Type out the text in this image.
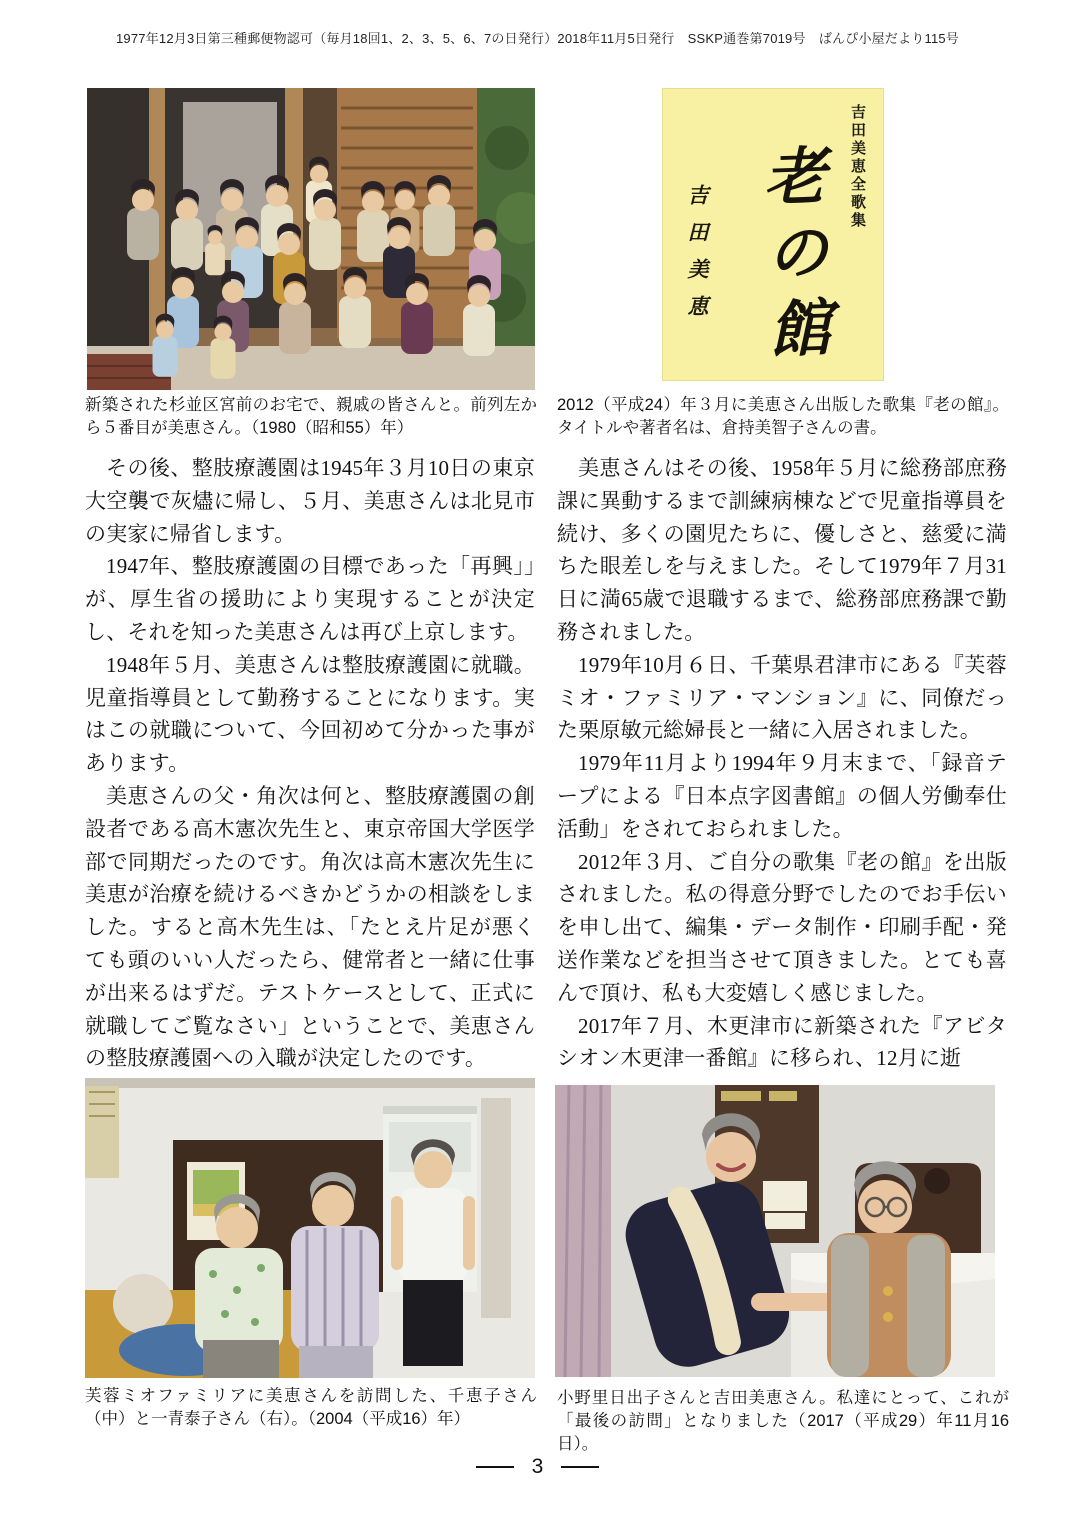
1977年12月3日第三種郵便物認可（毎月18回1、2、3、5、6、7の日発行）2018年11月5日発行　SSKP通巻第7019号　ばんぴ小屋だより115号
吉田美恵全歌集
老の館
吉田美恵
新築された杉並区宮前のお宅で、親戚の皆さんと。前列左から５番目が美恵さん。（1980（昭和55）年）
2012（平成24）年３月に美恵さん出版した歌集『老の館』。タイトルや著者名は、倉持美智子さんの書。

その後、整肢療護園は1945年３月10日の東京大空襲で灰燼に帰し、５月、美恵さんは北見市の実家に帰省します。

1947年、整肢療護園の目標であった「再興」」が、厚生省の援助により実現することが決定し、それを知った美恵さんは再び上京します。

1948年５月、美恵さんは整肢療護園に就職。児童指導員として勤務することになります。実はこの就職について、今回初めて分かった事があります。

美恵さんの父・角次は何と、整肢療護園の創設者である高木憲次先生と、東京帝国大学医学部で同期だったのです。角次は高木憲次先生に美恵が治療を続けるべきかどうかの相談をしました。すると高木先生は、「たとえ片足が悪くても頭のいい人だったら、健常者と一緒に仕事が出来るはずだ。テストケースとして、正式に就職してご覧なさい」ということで、美恵さんの整肢療護園への入職が決定したのです。

美恵さんはその後、1958年５月に総務部庶務課に異動するまで訓練病棟などで児童指導員を続け、多くの園児たちに、優しさと、慈愛に満ちた眼差しを与えました。そして1979年７月31日に満65歳で退職するまで、総務部庶務課で勤務されました。

1979年10月６日、千葉県君津市にある『芙蓉ミオ・ファミリア・マンション』に、同僚だった栗原敏元総婦長と一緒に入居されました。

1979年11月より1994年９月末まで、「録音テープによる『日本点字図書館』の個人労働奉仕活動」をされておられました。

2012年３月、ご自分の歌集『老の館』を出版されました。私の得意分野でしたのでお手伝いを申し出て、編集・データ制作・印刷手配・発送作業などを担当させて頂きました。とても喜んで頂け、私も大変嬉しく感じました。

2017年７月、木更津市に新築された『アビタシオン木更津一番館』に移られ、12月に逝

芙蓉ミオファミリアに美恵さんを訪問した、千恵子さん（中）と一青泰子さん（右）。（2004（平成16）年）
小野里日出子さんと吉田美恵さん。私達にとって、これが「最後の訪問」となりました（2017（平成29）年11月16日）。
3
